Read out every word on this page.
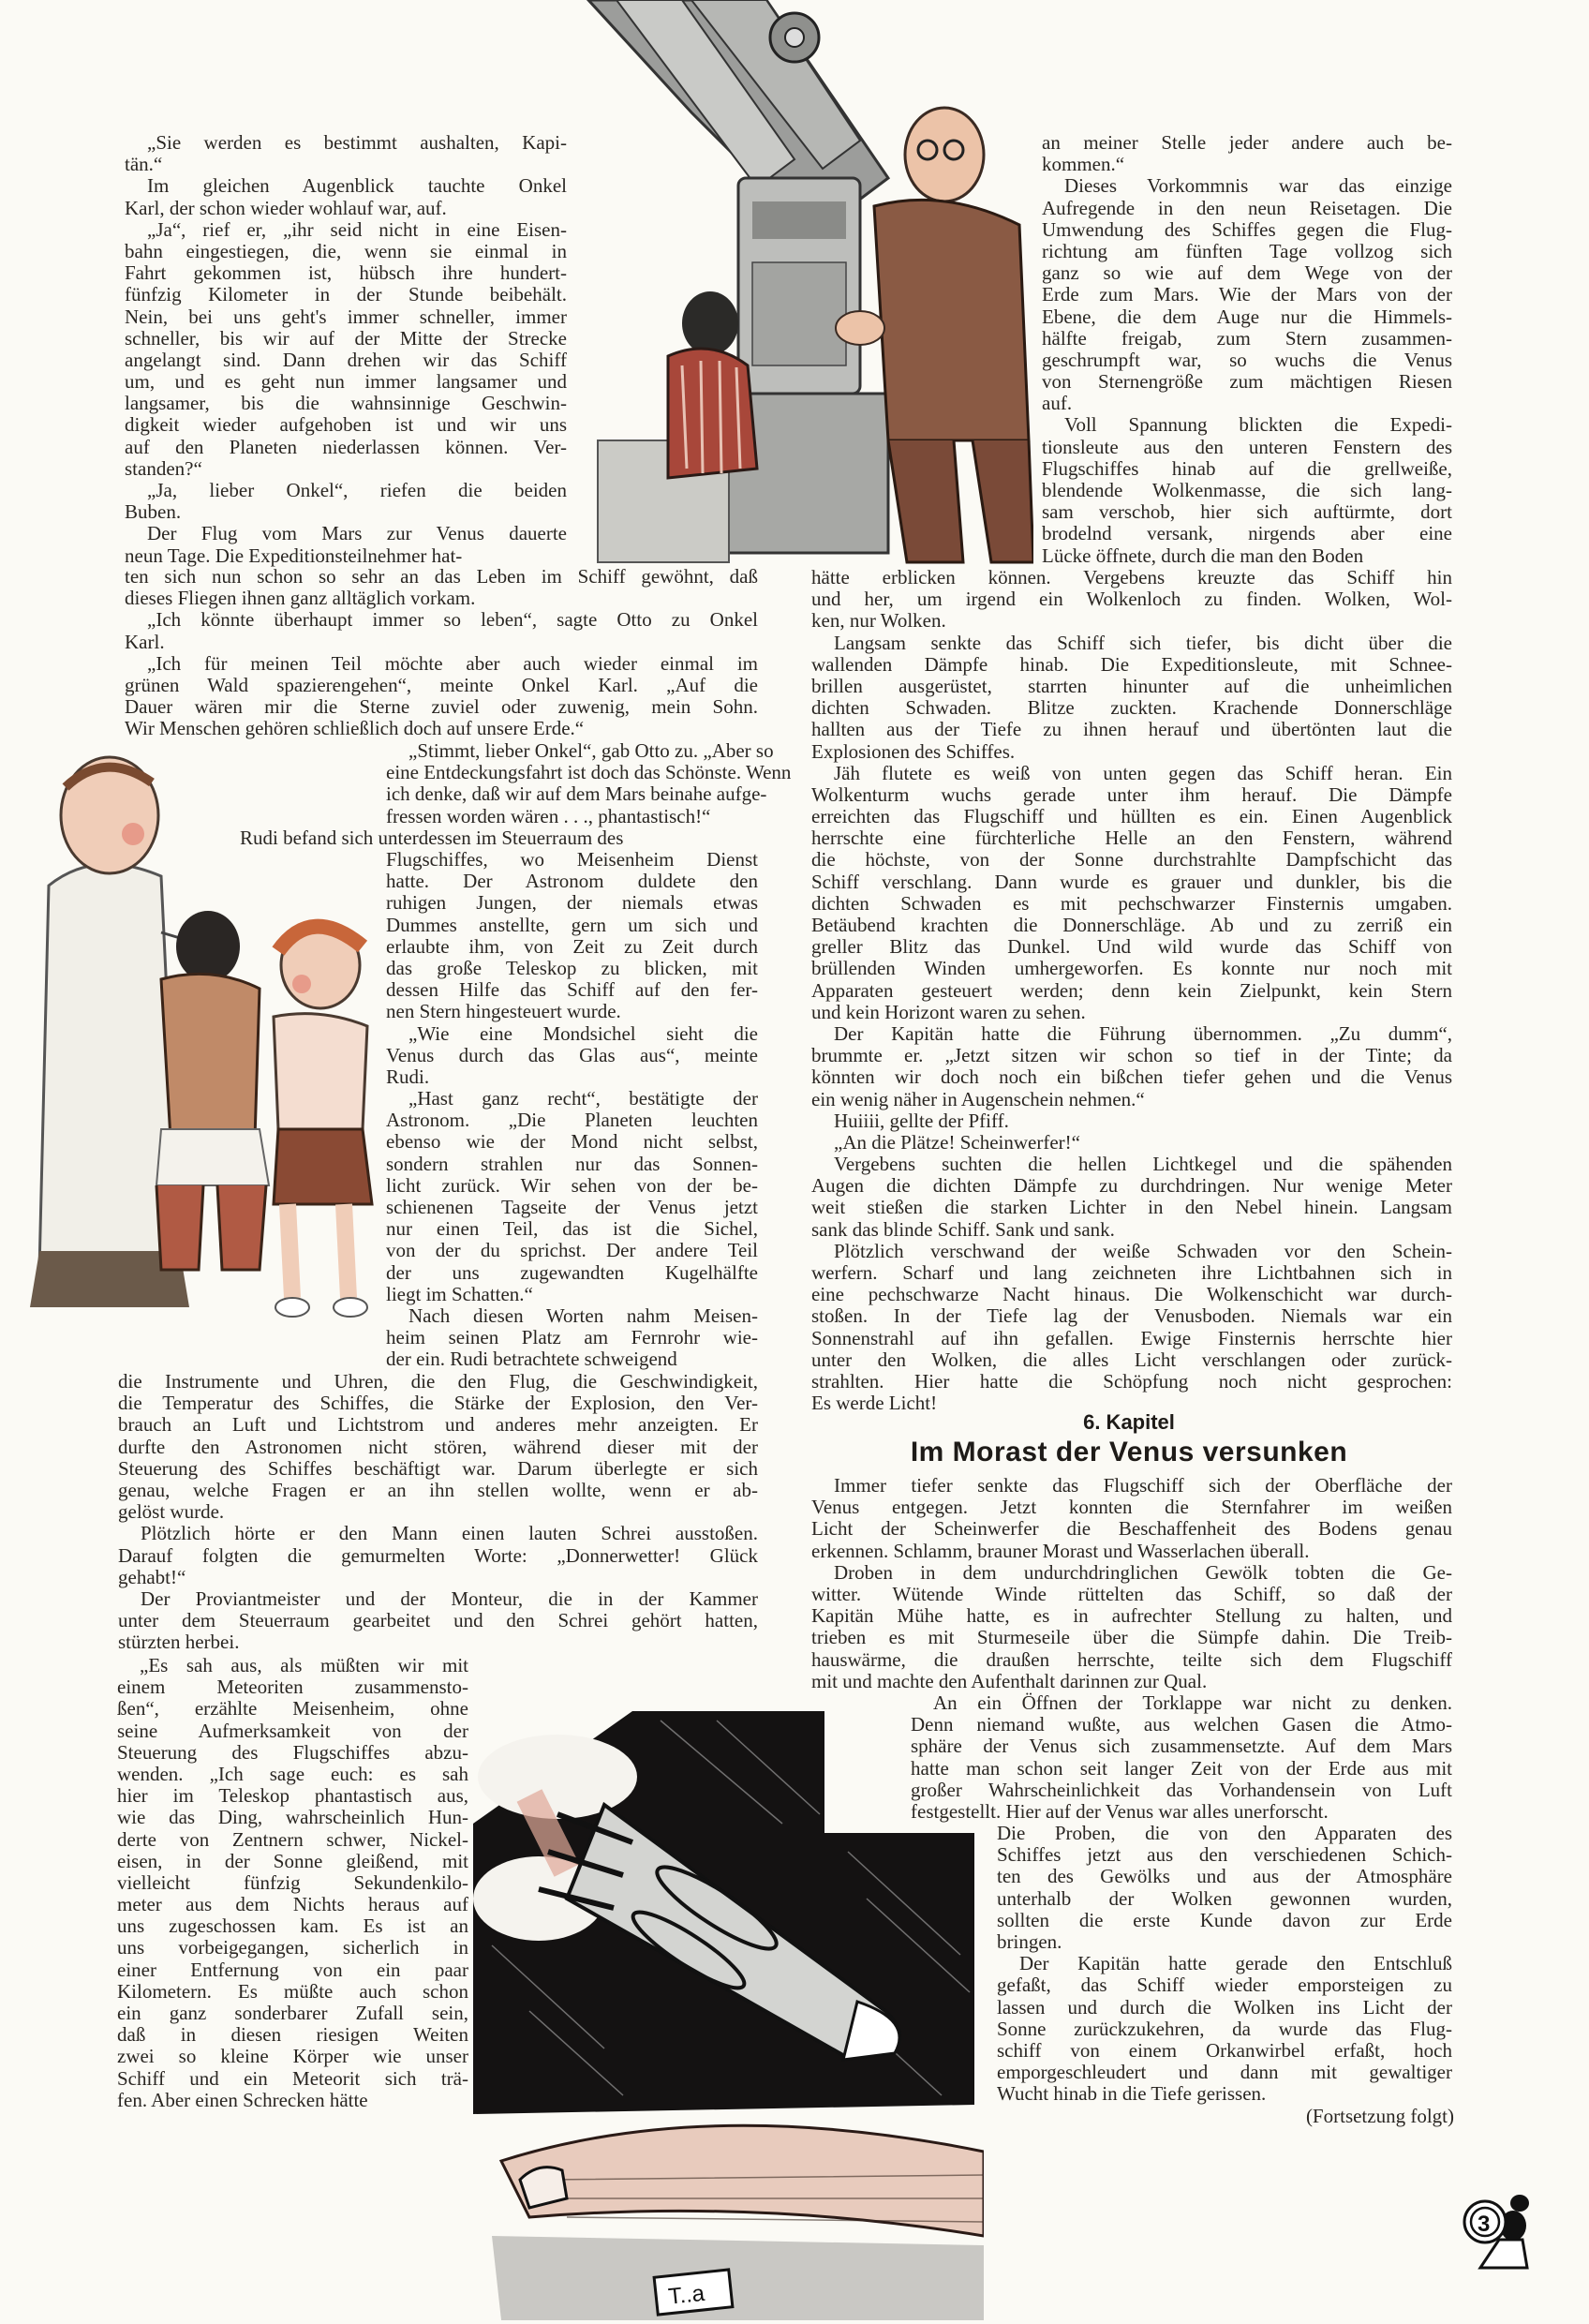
„Sie werden es bestimmt aushalten, Kapi-
tän.“
Im gleichen Augenblick tauchte Onkel
Karl, der schon wieder wohlauf war, auf.
„Ja“, rief er, „ihr seid nicht in eine Eisen-
bahn eingestiegen, die, wenn sie einmal in
Fahrt gekommen ist, hübsch ihre hundert-
fünfzig Kilometer in der Stunde beibehält.
Nein, bei uns geht's immer schneller, immer
schneller, bis wir auf der Mitte der Strecke
angelangt sind. Dann drehen wir das Schiff
um, und es geht nun immer langsamer und
langsamer, bis die wahnsinnige Geschwin-
digkeit wieder aufgehoben ist und wir uns
auf den Planeten niederlassen können. Ver-
standen?“
„Ja, lieber Onkel“, riefen die beiden
Buben.
Der Flug vom Mars zur Venus dauerte
neun Tage. Die Expeditionsteilnehmer hat-
ten sich nun schon so sehr an das Leben im Schiff gewöhnt, daß
dieses Fliegen ihnen ganz alltäglich vorkam.
„Ich könnte überhaupt immer so leben“, sagte Otto zu Onkel
Karl.
„Ich für meinen Teil möchte aber auch wieder einmal im
grünen Wald spazierengehen“, meinte Onkel Karl. „Auf die
Dauer wären mir die Sterne zuviel oder zuwenig, mein Sohn.
Wir Menschen gehören schließlich doch auf unsere Erde.“
„Stimmt, lieber Onkel“, gab Otto zu. „Aber so
eine Entdeckungsfahrt ist doch das Schönste. Wenn
ich denke, daß wir auf dem Mars beinahe aufge-
fressen worden wären . . ., phantastisch!“
Rudi befand sich unterdessen im Steuerraum des
Flugschiffes, wo Meisenheim Dienst
hatte. Der Astronom duldete den
ruhigen Jungen, der niemals etwas
Dummes anstellte, gern um sich und
erlaubte ihm, von Zeit zu Zeit durch
das große Teleskop zu blicken, mit
dessen Hilfe das Schiff auf den fer-
nen Stern hingesteuert wurde.
„Wie eine Mondsichel sieht die
Venus durch das Glas aus“, meinte
Rudi.
„Hast ganz recht“, bestätigte der
Astronom. „Die Planeten leuchten
ebenso wie der Mond nicht selbst,
sondern strahlen nur das Sonnen-
licht zurück. Wir sehen von der be-
schienenen Tagseite der Venus jetzt
nur einen Teil, das ist die Sichel,
von der du sprichst. Der andere Teil
der uns zugewandten Kugelhälfte
liegt im Schatten.“
Nach diesen Worten nahm Meisen-
heim seinen Platz am Fernrohr wie-
der ein. Rudi betrachtete schweigend
die Instrumente und Uhren, die den Flug, die Geschwindigkeit,
die Temperatur des Schiffes, die Stärke der Explosion, den Ver-
brauch an Luft und Lichtstrom und anderes mehr anzeigten. Er
durfte den Astronomen nicht stören, während dieser mit der
Steuerung des Schiffes beschäftigt war. Darum überlegte er sich
genau, welche Fragen er an ihn stellen wollte, wenn er ab-
gelöst wurde.
Plötzlich hörte er den Mann einen lauten Schrei ausstoßen.
Darauf folgten die gemurmelten Worte: „Donnerwetter! Glück
gehabt!“
Der Proviantmeister und der Monteur, die in der Kammer
unter dem Steuerraum gearbeitet und den Schrei gehört hatten,
stürzten herbei.
„Es sah aus, als müßten wir mit
einem Meteoriten zusammensto-
ßen“, erzählte Meisenheim, ohne
seine Aufmerksamkeit von der
Steuerung des Flugschiffes abzu-
wenden. „Ich sage euch: es sah
hier im Teleskop phantastisch aus,
wie das Ding, wahrscheinlich Hun-
derte von Zentnern schwer, Nickel-
eisen, in der Sonne gleißend, mit
vielleicht fünfzig Sekundenkilo-
meter aus dem Nichts heraus auf
uns zugeschossen kam. Es ist an
uns vorbeigegangen, sicherlich in
einer Entfernung von ein paar
Kilometern. Es müßte auch schon
ein ganz sonderbarer Zufall sein,
daß in diesen riesigen Weiten
zwei so kleine Körper wie unser
Schiff und ein Meteorit sich trä-
fen. Aber einen Schrecken hätte
an meiner Stelle jeder andere auch be-
kommen.“
Dieses Vorkommnis war das einzige
Aufregende in den neun Reisetagen. Die
Umwendung des Schiffes gegen die Flug-
richtung am fünften Tage vollzog sich
ganz so wie auf dem Wege von der
Erde zum Mars. Wie der Mars von der
Ebene, die dem Auge nur die Himmels-
hälfte freigab, zum Stern zusammen-
geschrumpft war, so wuchs die Venus
von Sternengröße zum mächtigen Riesen
auf.
Voll Spannung blickten die Expedi-
tionsleute aus den unteren Fenstern des
Flugschiffes hinab auf die grellweiße,
blendende Wolkenmasse, die sich lang-
sam verschob, hier sich auftürmte, dort
brodelnd versank, nirgends aber eine
Lücke öffnete, durch die man den Boden
hätte erblicken können. Vergebens kreuzte das Schiff hin
und her, um irgend ein Wolkenloch zu finden. Wolken, Wol-
ken, nur Wolken.
Langsam senkte das Schiff sich tiefer, bis dicht über die
wallenden Dämpfe hinab. Die Expeditionsleute, mit Schnee-
brillen ausgerüstet, starrten hinunter auf die unheimlichen
dichten Schwaden. Blitze zuckten. Krachende Donnerschläge
hallten aus der Tiefe zu ihnen herauf und übertönten laut die
Explosionen des Schiffes.
Jäh flutete es weiß von unten gegen das Schiff heran. Ein
Wolkenturm wuchs gerade unter ihm herauf. Die Dämpfe
erreichten das Flugschiff und hüllten es ein. Einen Augenblick
herrschte eine fürchterliche Helle an den Fenstern, während
die höchste, von der Sonne durchstrahlte Dampfschicht das
Schiff verschlang. Dann wurde es grauer und dunkler, bis die
dichten Schwaden es mit pechschwarzer Finsternis umgaben.
Betäubend krachten die Donnerschläge. Ab und zu zerriß ein
greller Blitz das Dunkel. Und wild wurde das Schiff von
brüllenden Winden umhergeworfen. Es konnte nur noch mit
Apparaten gesteuert werden; denn kein Zielpunkt, kein Stern
und kein Horizont waren zu sehen.
Der Kapitän hatte die Führung übernommen. „Zu dumm“,
brummte er. „Jetzt sitzen wir schon so tief in der Tinte; da
könnten wir doch noch ein bißchen tiefer gehen und die Venus
ein wenig näher in Augenschein nehmen.“
Huiiii, gellte der Pfiff.
„An die Plätze! Scheinwerfer!“
Vergebens suchten die hellen Lichtkegel und die spähenden
Augen die dichten Dämpfe zu durchdringen. Nur wenige Meter
weit stießen die starken Lichter in den Nebel hinein. Langsam
sank das blinde Schiff. Sank und sank.
Plötzlich verschwand der weiße Schwaden vor den Schein-
werfern. Scharf und lang zeichneten ihre Lichtbahnen sich in
eine pechschwarze Nacht hinaus. Die Wolkenschicht war durch-
stoßen. In der Tiefe lag der Venusboden. Niemals war ein
Sonnenstrahl auf ihn gefallen. Ewige Finsternis herrschte hier
unter den Wolken, die alles Licht verschlangen oder zurück-
strahlten. Hier hatte die Schöpfung noch nicht gesprochen:
Es werde Licht!
6. Kapitel
Im Morast der Venus versunken
Immer tiefer senkte das Flugschiff sich der Oberfläche der
Venus entgegen. Jetzt konnten die Sternfahrer im weißen
Licht der Scheinwerfer die Beschaffenheit des Bodens genau
erkennen. Schlamm, brauner Morast und Wasserlachen überall.
Droben in dem undurchdringlichen Gewölk tobten die Ge-
witter. Wütende Winde rüttelten das Schiff, so daß der
Kapitän Mühe hatte, es in aufrechter Stellung zu halten, und
trieben es mit Sturmeseile über die Sümpfe dahin. Die Treib-
hauswärme, die draußen herrschte, teilte sich dem Flugschiff
mit und machte den Aufenthalt darinnen zur Qual.
An ein Öffnen der Torklappe war nicht zu denken.
Denn niemand wußte, aus welchen Gasen die Atmo-
sphäre der Venus sich zusammensetzte. Auf dem Mars
hatte man schon seit langer Zeit von der Erde aus mit
großer Wahrscheinlichkeit das Vorhandensein von Luft
festgestellt. Hier auf der Venus war alles unerforscht.
Die Proben, die von den Apparaten des
Schiffes jetzt aus den verschiedenen Schich-
ten des Gewölks und aus der Atmosphäre
unterhalb der Wolken gewonnen wurden,
sollten die erste Kunde davon zur Erde
bringen.
Der Kapitän hatte gerade den Entschluß
gefaßt, das Schiff wieder emporsteigen zu
lassen und durch die Wolken ins Licht der
Sonne zurückzukehren, da wurde das Flug-
schiff von einem Orkanwirbel erfaßt, hoch
emporgeschleudert und dann mit gewaltiger
Wucht hinab in die Tiefe gerissen.
(Fortsetzung folgt)
T..a
3
